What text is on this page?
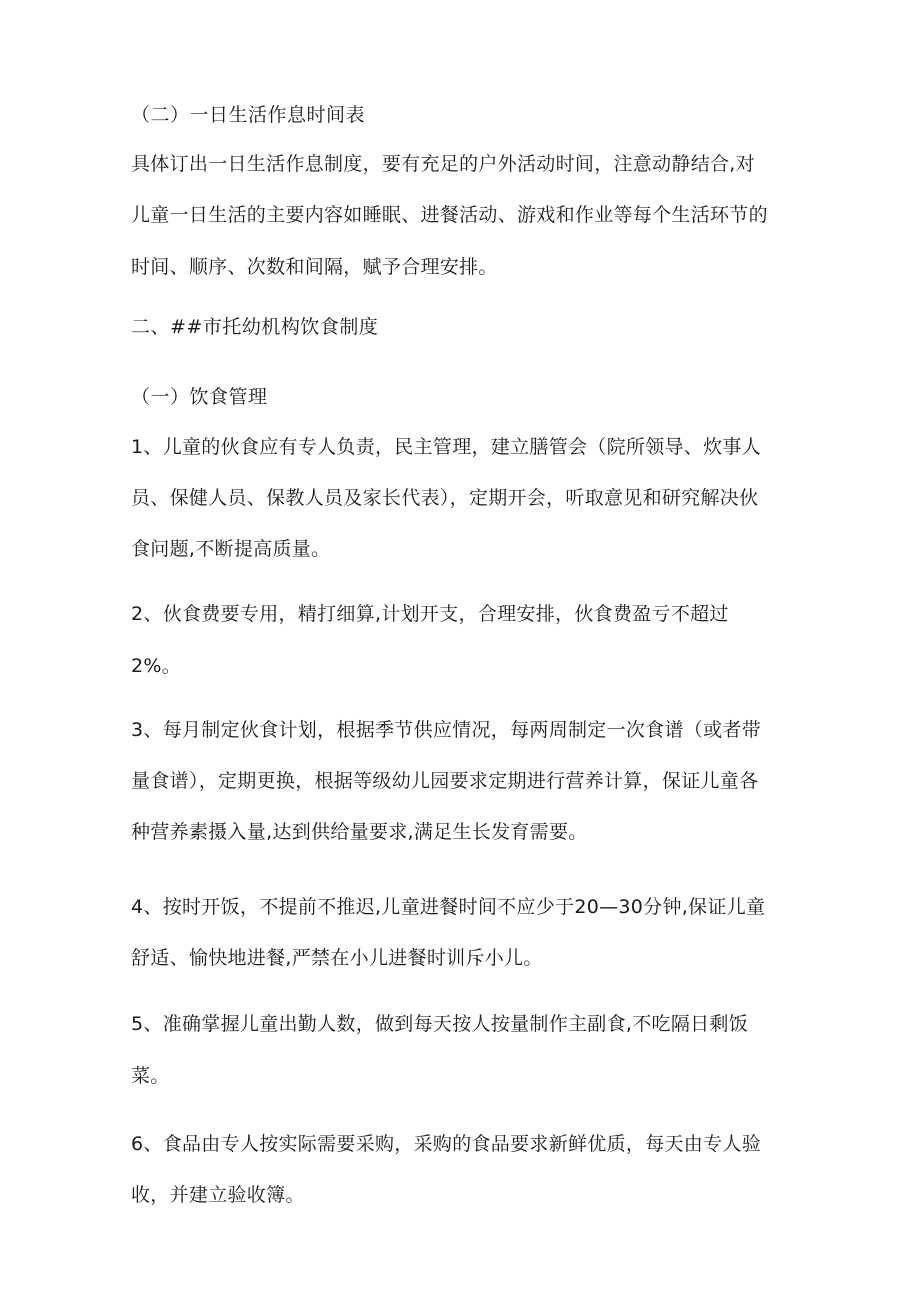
（二）一日生活作息时间表
具体订出一日生活作息制度，要有充足的户外活动时间，注意动静结合,对
儿童一日生活的主要内容如睡眠、进餐活动、游戏和作业等每个生活环节的
时间、顺序、次数和间隔，赋予合理安排。
二、##市托幼机构饮食制度
（一）饮食管理
1、儿童的伙食应有专人负责，民主管理，建立膳管会（院所领导、炊事人
员、保健人员、保教人员及家长代表），定期开会，听取意见和研究解决伙
食问题,不断提高质量。
2、伙食费要专用，精打细算,计划开支，合理安排，伙食费盈亏不超过
2%。
3、每月制定伙食计划，根据季节供应情况，每两周制定一次食谱（或者带
量食谱），定期更换，根据等级幼儿园要求定期进行营养计算，保证儿童各
种营养素摄入量,达到供给量要求,满足生长发育需要。
4、按时开饭，不提前不推迟,儿童进餐时间不应少于20—30分钟,保证儿童
舒适、愉快地进餐,严禁在小儿进餐时训斥小儿。
5、准确掌握儿童出勤人数，做到每天按人按量制作主副食,不吃隔日剩饭
菜。
6、食品由专人按实际需要采购，采购的食品要求新鲜优质，每天由专人验
收，并建立验收簿。
